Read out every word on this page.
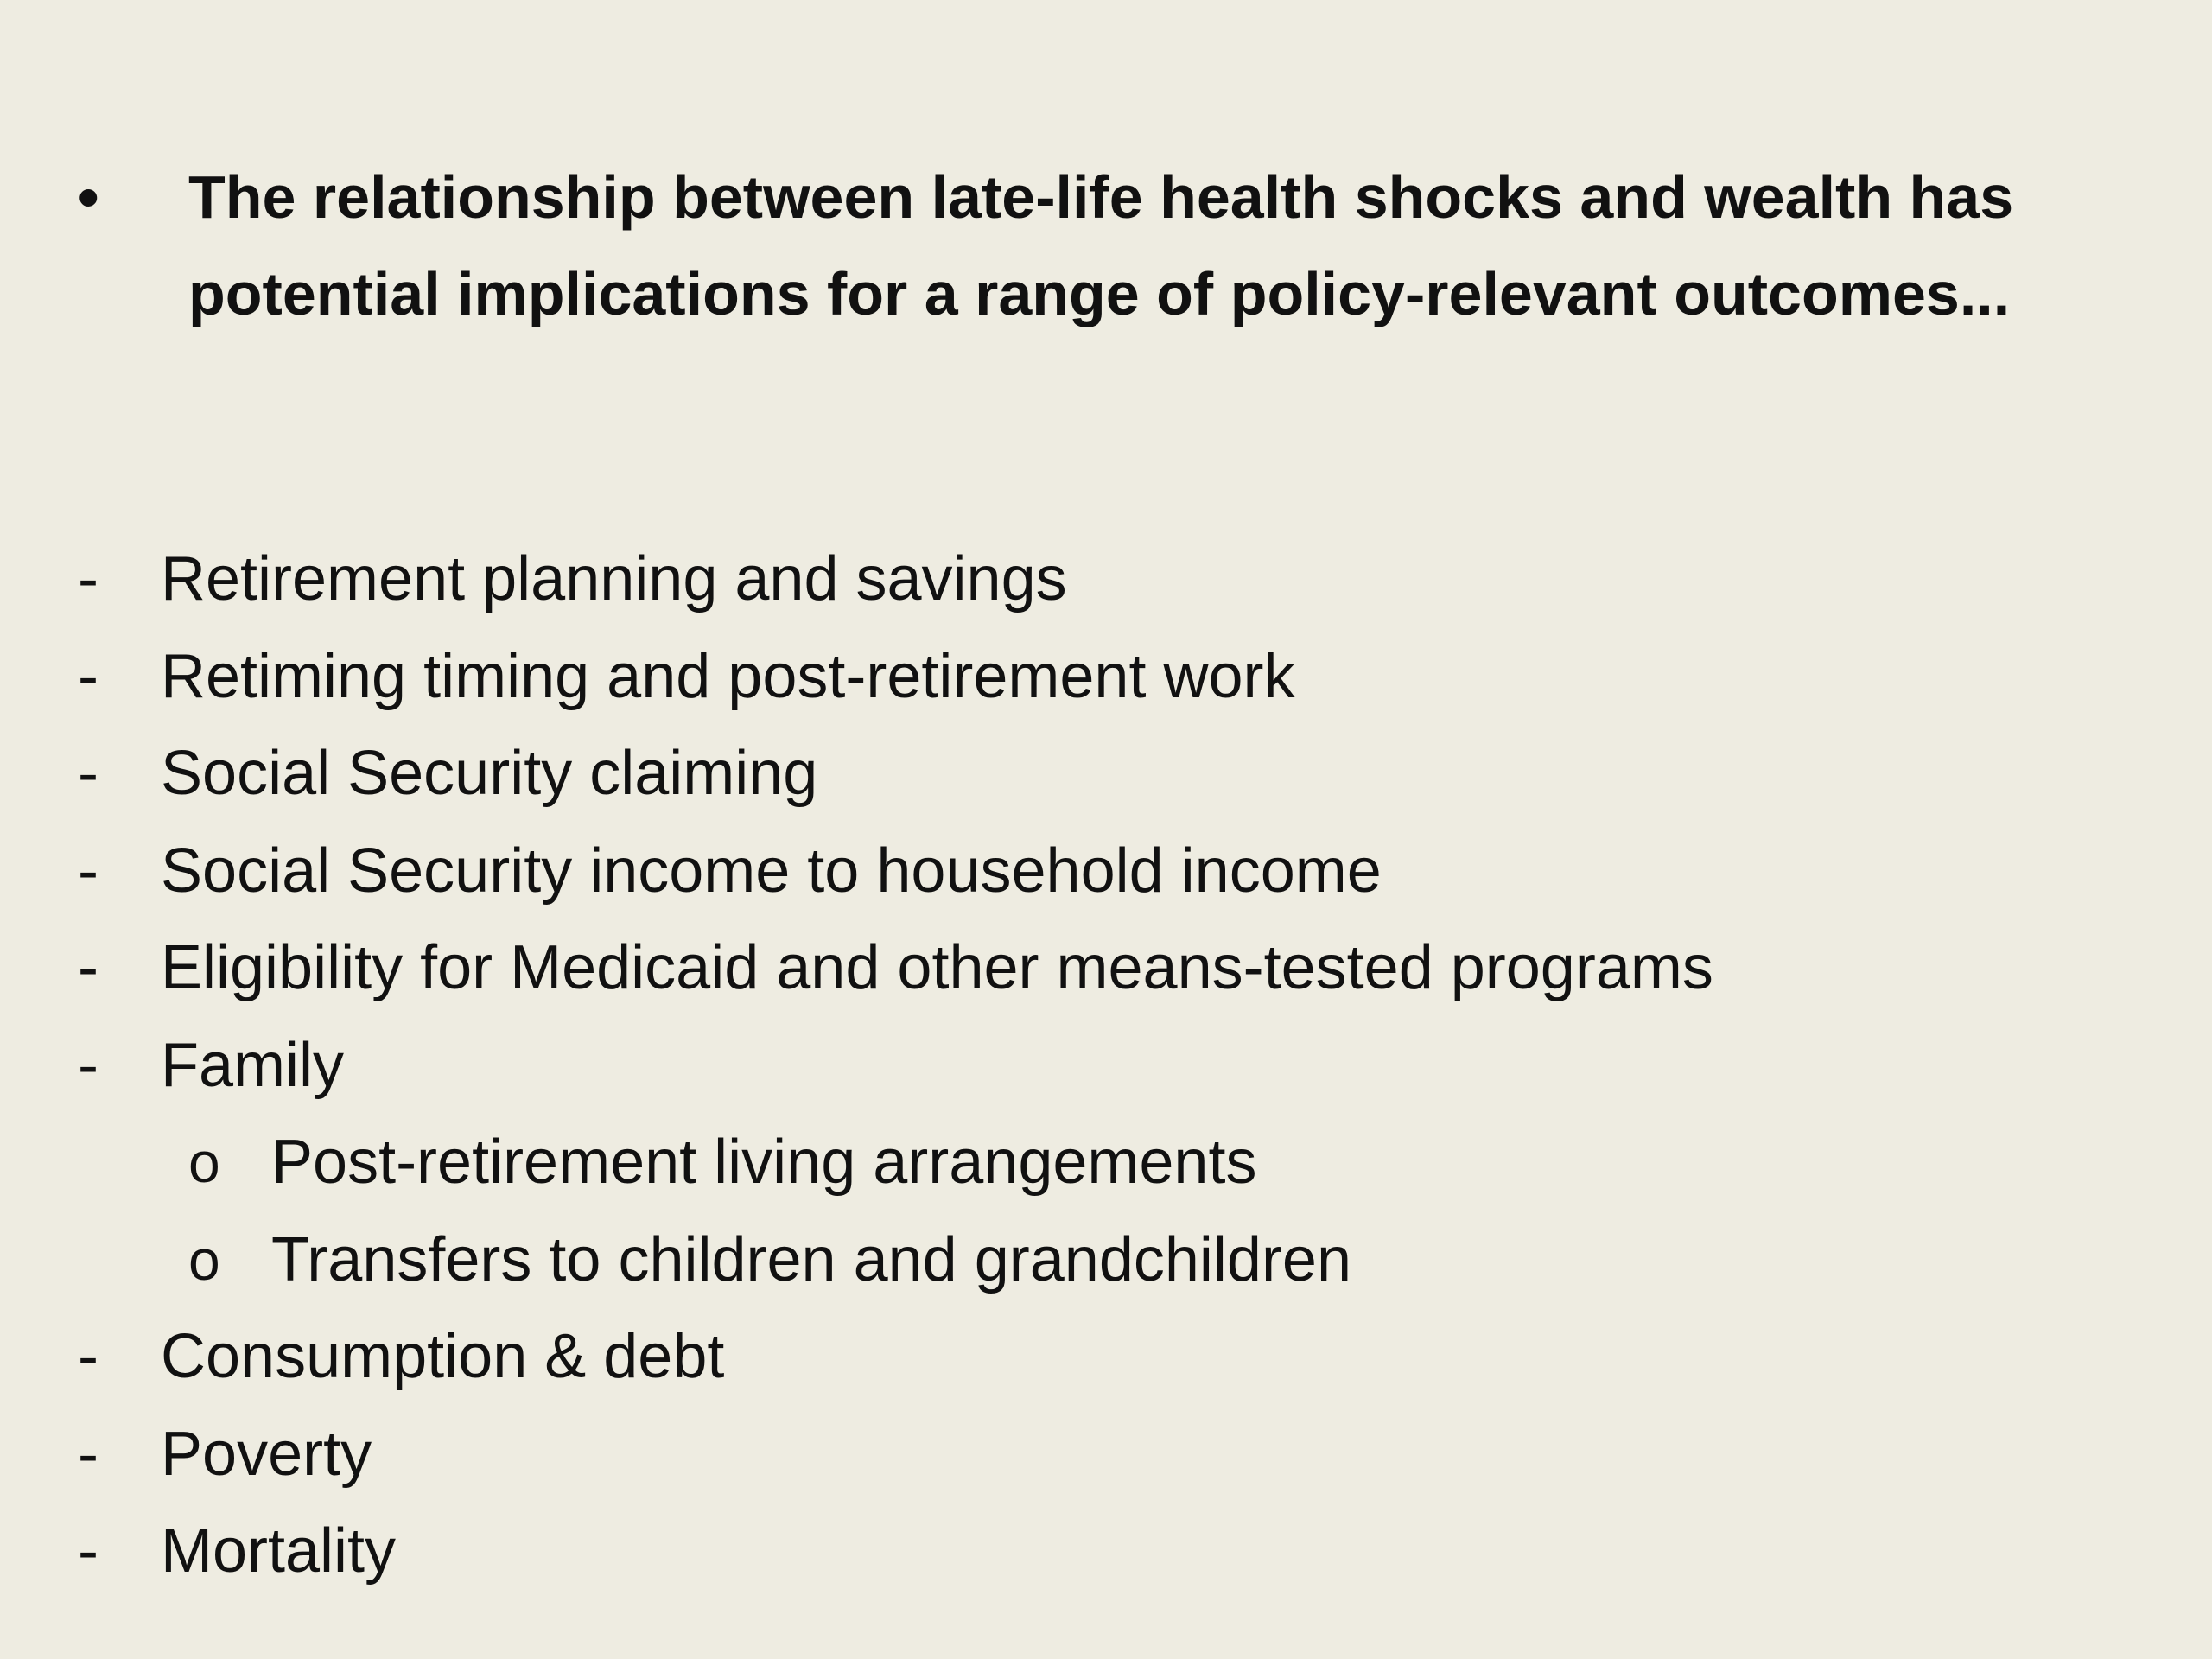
• The relationship between late-life health shocks and wealth has potential implications for a range of policy-relevant outcomes...
- Retirement planning and savings
- Retiming timing and post-retirement work
- Social Security claiming
- Social Security income to household income
- Eligibility for Medicaid and other means-tested programs
- Family
o Post-retirement living arrangements
o Transfers to children and grandchildren
- Consumption & debt
- Poverty
- Mortality
